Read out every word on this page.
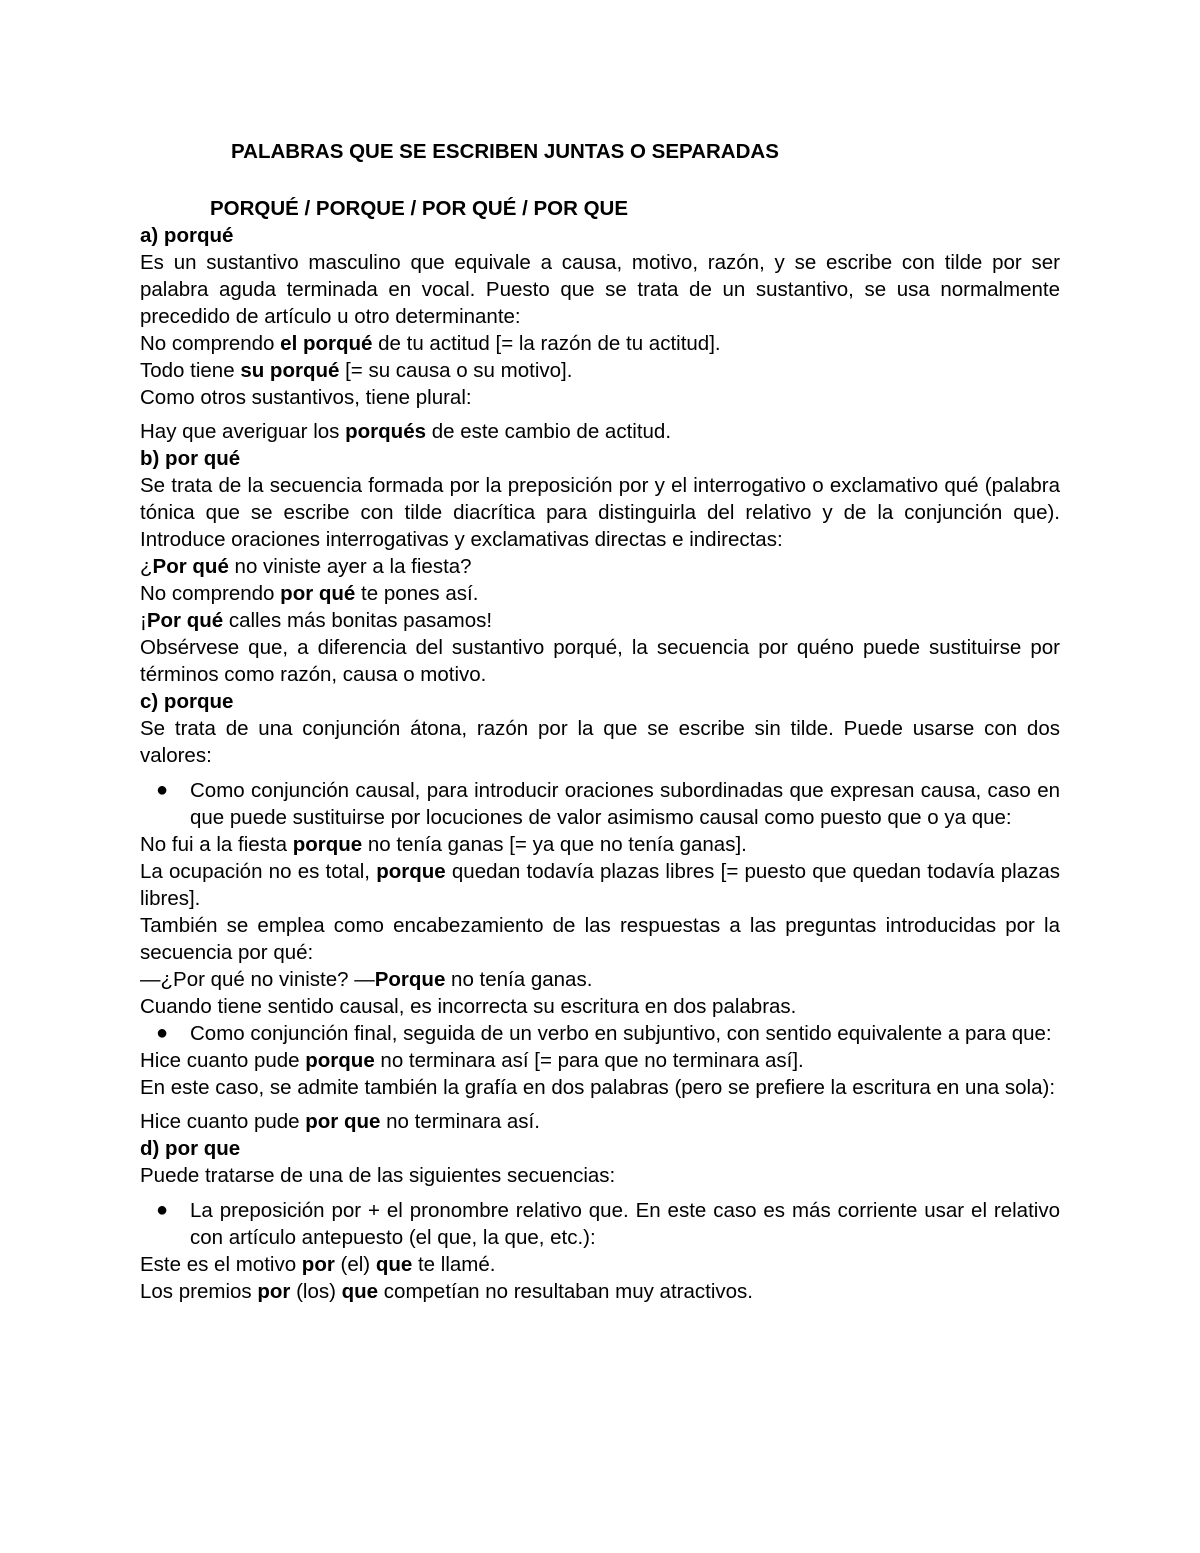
PALABRAS QUE SE ESCRIBEN JUNTAS O SEPARADAS

PORQUÉ / PORQUE / POR QUÉ / POR QUE

a) porqué

Es un sustantivo masculino que equivale a causa, motivo, razón, y se escribe con tilde por ser palabra aguda terminada en vocal. Puesto que se trata de un sustantivo, se usa normalmente precedido de artículo u otro determinante:

No comprendo el porqué de tu actitud [= la razón de tu actitud].

Todo tiene su porqué [= su causa o su motivo].

Como otros sustantivos, tiene plural:

Hay que averiguar los porqués de este cambio de actitud.

b) por qué

Se trata de la secuencia formada por la preposición por y el interrogativo o exclamativo qué (palabra tónica que se escribe con tilde diacrítica para distinguirla del relativo y de la conjunción que). Introduce oraciones interrogativas y exclamativas directas e indirectas:

¿Por qué no viniste ayer a la fiesta?

No comprendo por qué te pones así.

¡Por qué calles más bonitas pasamos!

Obsérvese que, a diferencia del sustantivo porqué, la secuencia por quéno puede sustituirse por términos como razón, causa o motivo.

c) porque

Se trata de una conjunción átona, razón por la que se escribe sin tilde. Puede usarse con dos valores:

● Como conjunción causal, para introducir oraciones subordinadas que expresan causa, caso en que puede sustituirse por locuciones de valor asimismo causal como puesto que o ya que:

No fui a la fiesta porque no tenía ganas [= ya que no tenía ganas].

La ocupación no es total, porque quedan todavía plazas libres [= puesto que quedan todavía plazas libres].

También se emplea como encabezamiento de las respuestas a las preguntas introducidas por la secuencia por qué:

—¿Por qué no viniste? —Porque no tenía ganas.

Cuando tiene sentido causal, es incorrecta su escritura en dos palabras.

● Como conjunción final, seguida de un verbo en subjuntivo, con sentido equivalente a para que:

Hice cuanto pude porque no terminara así [= para que no terminara así].

En este caso, se admite también la grafía en dos palabras (pero se prefiere la escritura en una sola):

Hice cuanto pude por que no terminara así.

d) por que

Puede tratarse de una de las siguientes secuencias:

● La preposición por + el pronombre relativo que. En este caso es más corriente usar el relativo con artículo antepuesto (el que, la que, etc.):

Este es el motivo por (el) que te llamé.

Los premios por (los) que competían no resultaban muy atractivos.
